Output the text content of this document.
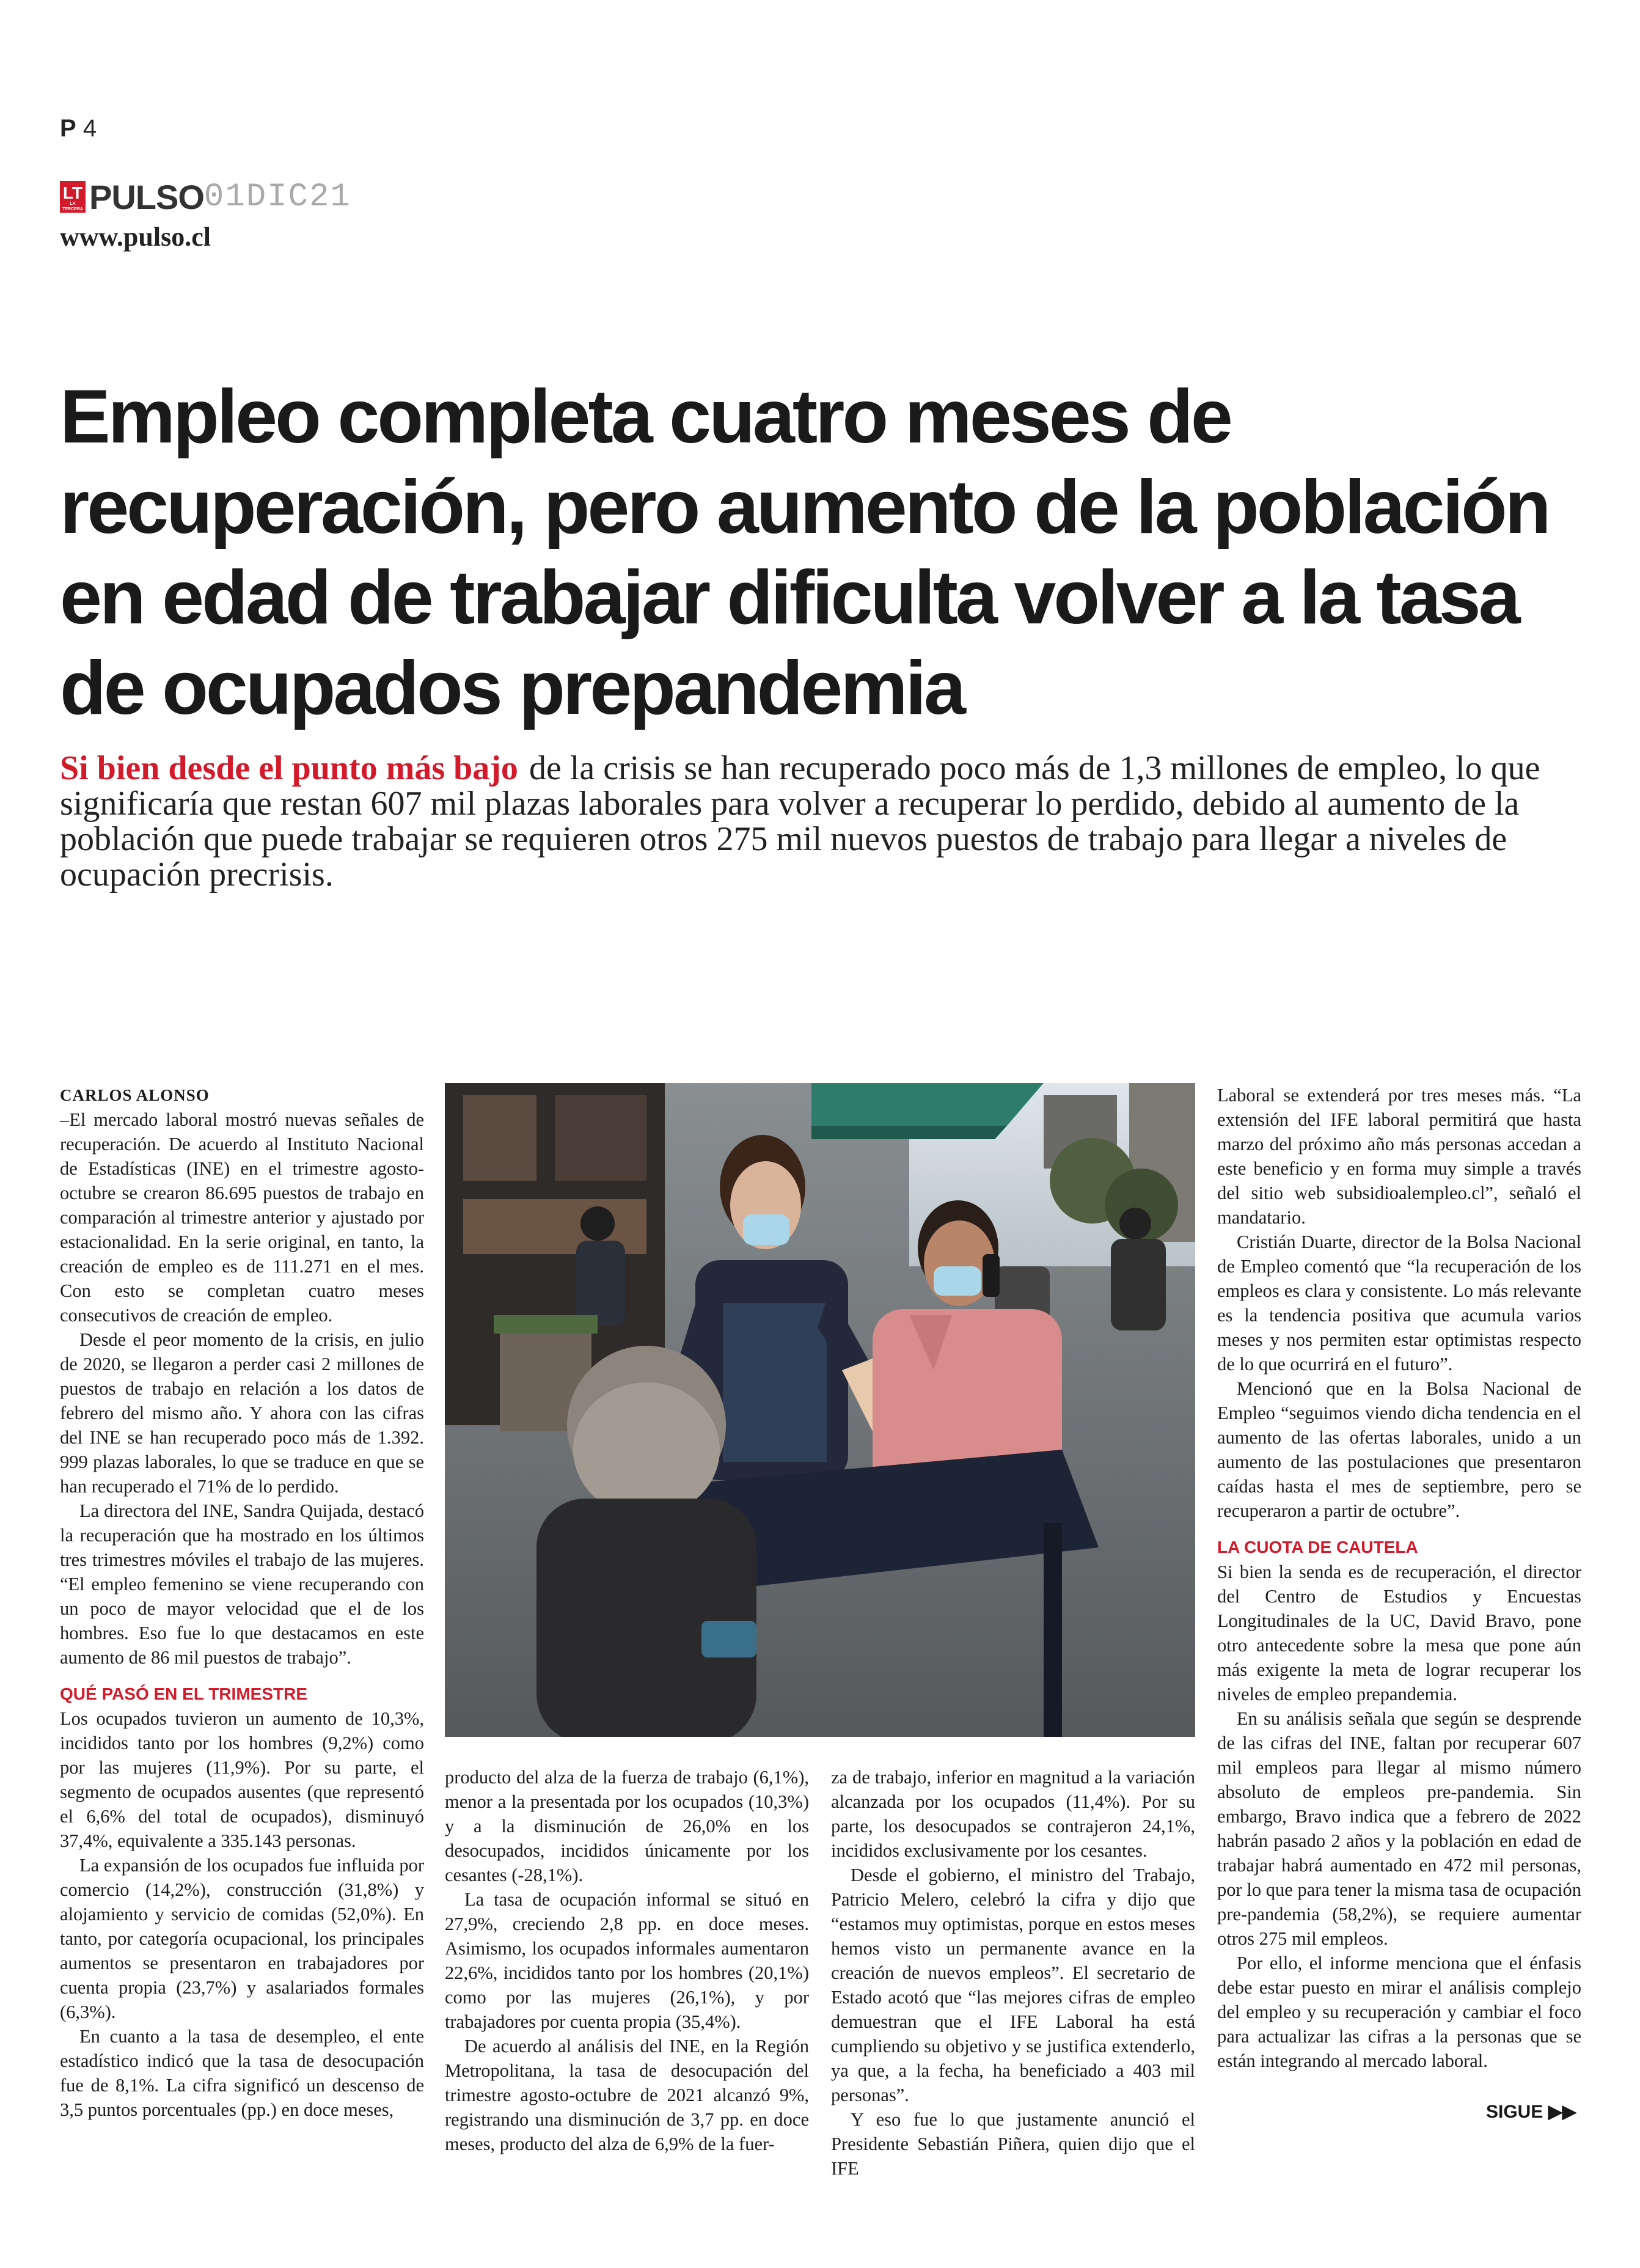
P 4
LT
LA TERCERA PULSO 01DIC21
www.pulso.cl
Empleo completa cuatro meses de recuperación, pero aumento de la población en edad de trabajar dificulta volver a la tasa de ocupados prepandemia
Si bien desde el punto más bajo de la crisis se han recuperado poco más de 1,3 millones de empleo, lo que significaría que restan 607 mil plazas laborales para volver a recuperar lo perdido, debido al aumento de la población que puede trabajar se requieren otros 275 mil nuevos puestos de trabajo para llegar a niveles de ocupación precrisis.
CARLOS ALONSO

–El mercado laboral mostró nuevas señales de recuperación. De acuerdo al Instituto Nacional de Estadísticas (INE) en el trimestre agosto-octubre se crearon 86.695 puestos de trabajo en comparación al trimestre anterior y ajustado por estacionalidad. En la serie original, en tanto, la creación de empleo es de 111.271 en el mes. Con esto se completan cuatro meses consecutivos de creación de empleo.

Desde el peor momento de la crisis, en julio de 2020, se llegaron a perder casi 2 millones de puestos de trabajo en relación a los datos de febrero del mismo año. Y ahora con las cifras del INE se han recuperado poco más de 1.392. 999 plazas laborales, lo que se traduce en que se han recuperado el 71% de lo perdido.

La directora del INE, Sandra Quijada, destacó la recuperación que ha mostrado en los últimos tres trimestres móviles el trabajo de las mujeres. “El empleo femenino se viene recuperando con un poco de mayor velocidad que el de los hombres. Eso fue lo que destacamos en este aumento de 86 mil puestos de trabajo”.

QUÉ PASÓ EN EL TRIMESTRE

Los ocupados tuvieron un aumento de 10,3%, incididos tanto por los hombres (9,2%) como por las mujeres (11,9%). Por su parte, el segmento de ocupados ausentes (que representó el 6,6% del total de ocupados), disminuyó 37,4%, equivalente a 335.143 personas.

La expansión de los ocupados fue influida por comercio (14,2%), construcción (31,8%) y alojamiento y servicio de comidas (52,0%). En tanto, por categoría ocupacional, los principales aumentos se presentaron en trabajadores por cuenta propia (23,7%) y asalariados formales (6,3%).

En cuanto a la tasa de desempleo, el ente estadístico indicó que la tasa de desocupación fue de 8,1%. La cifra significó un descenso de 3,5 puntos porcentuales (pp.) en doce meses,

producto del alza de la fuerza de trabajo (6,1%), menor a la presentada por los ocupados (10,3%) y a la disminución de 26,0% en los desocupados, incididos únicamente por los cesantes (-28,1%).

La tasa de ocupación informal se situó en 27,9%, creciendo 2,8 pp. en doce meses. Asimismo, los ocupados informales aumentaron 22,6%, incididos tanto por los hombres (20,1%) como por las mujeres (26,1%), y por trabajadores por cuenta propia (35,4%).

De acuerdo al análisis del INE, en la Región Metropolitana, la tasa de desocupación del trimestre agosto-octubre de 2021 alcanzó 9%, registrando una disminución de 3,7 pp. en doce meses, producto del alza de 6,9% de la fuer-

za de trabajo, inferior en magnitud a la variación alcanzada por los ocupados (11,4%). Por su parte, los desocupados se contrajeron 24,1%, incididos exclusivamente por los cesantes.

Desde el gobierno, el ministro del Trabajo, Patricio Melero, celebró la cifra y dijo que “estamos muy optimistas, porque en estos meses hemos visto un permanente avance en la creación de nuevos empleos”. El secretario de Estado acotó que “las mejores cifras de empleo demuestran que el IFE Laboral ha está cumpliendo su objetivo y se justifica extenderlo, ya que, a la fecha, ha beneficiado a 403 mil personas”.

Y eso fue lo que justamente anunció el Presidente Sebastián Piñera, quien dijo que el IFE

Laboral se extenderá por tres meses más. “La extensión del IFE laboral permitirá que hasta marzo del próximo año más personas accedan a este beneficio y en forma muy simple a través del sitio web subsidioalempleo.cl”, señaló el mandatario.

Cristián Duarte, director de la Bolsa Nacional de Empleo comentó que “la recuperación de los empleos es clara y consistente. Lo más relevante es la tendencia positiva que acumula varios meses y nos permiten estar optimistas respecto de lo que ocurrirá en el futuro”.

Mencionó que en la Bolsa Nacional de Empleo “seguimos viendo dicha tendencia en el aumento de las ofertas laborales, unido a un aumento de las postulaciones que presentaron caídas hasta el mes de septiembre, pero se recuperaron a partir de octubre”.

LA CUOTA DE CAUTELA

Si bien la senda es de recuperación, el director del Centro de Estudios y Encuestas Longitudinales de la UC, David Bravo, pone otro antecedente sobre la mesa que pone aún más exigente la meta de lograr recuperar los niveles de empleo prepandemia.

En su análisis señala que según se desprende de las cifras del INE, faltan por recuperar 607 mil empleos para llegar al mismo número absoluto de empleos pre-pandemia. Sin embargo, Bravo indica que a febrero de 2022 habrán pasado 2 años y la población en edad de trabajar habrá aumentado en 472 mil personas, por lo que para tener la misma tasa de ocupación pre-pandemia (58,2%), se requiere aumentar otros 275 mil empleos.

Por ello, el informe menciona que el énfasis debe estar puesto en mirar el análisis complejo del empleo y su recuperación y cambiar el foco para actualizar las cifras a la personas que se están integrando al mercado laboral.

SIGUE ▶▶
